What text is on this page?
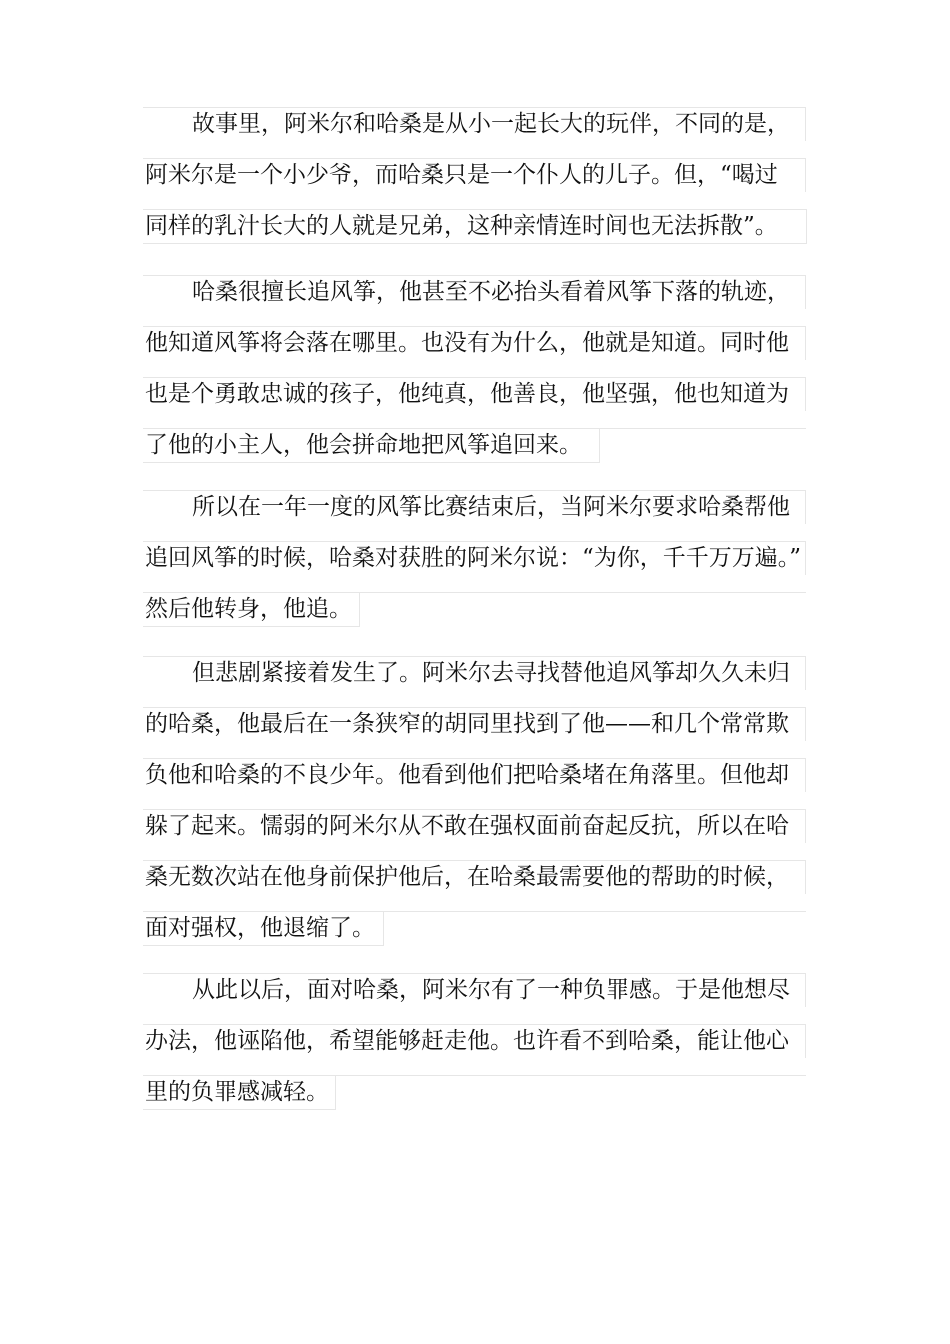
故事里，阿米尔和哈桑是从小一起长大的玩伴，不同的是，
阿米尔是一个小少爷，而哈桑只是一个仆人的儿子。但，“喝过
同样的乳汁长大的人就是兄弟，这种亲情连时间也无法拆散”。
哈桑很擅长追风筝，他甚至不必抬头看着风筝下落的轨迹，
他知道风筝将会落在哪里。也没有为什么，他就是知道。同时他
也是个勇敢忠诚的孩子，他纯真，他善良，他坚强，他也知道为
了他的小主人，他会拼命地把风筝追回来。
所以在一年一度的风筝比赛结束后，当阿米尔要求哈桑帮他
追回风筝的时候，哈桑对获胜的阿米尔说：“为你，千千万万遍。”
然后他转身，他追。
但悲剧紧接着发生了。阿米尔去寻找替他追风筝却久久未归
的哈桑，他最后在一条狭窄的胡同里找到了他——和几个常常欺
负他和哈桑的不良少年。他看到他们把哈桑堵在角落里。但他却
躲了起来。懦弱的阿米尔从不敢在强权面前奋起反抗，所以在哈
桑无数次站在他身前保护他后，在哈桑最需要他的帮助的时候，
面对强权，他退缩了。
从此以后，面对哈桑，阿米尔有了一种负罪感。于是他想尽
办法，他诬陷他，希望能够赶走他。也许看不到哈桑，能让他心
里的负罪感减轻。
